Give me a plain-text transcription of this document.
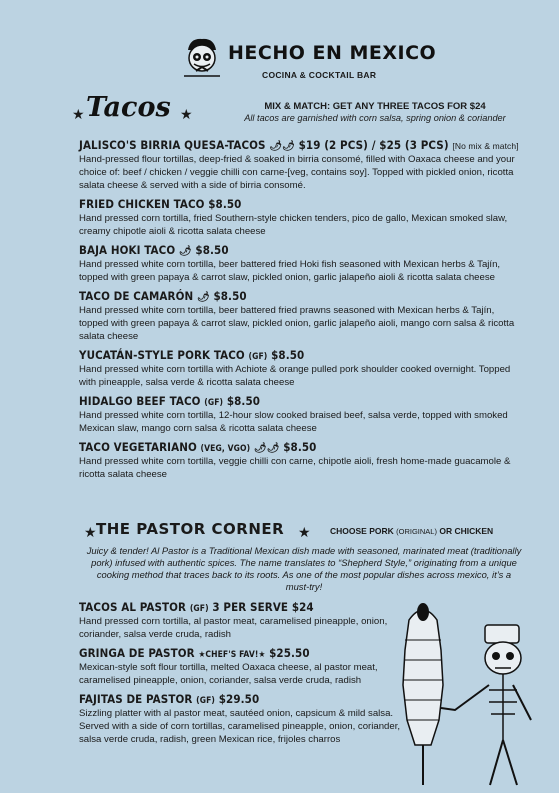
HECHO EN MEXICO
COCINA & COCKTAIL BAR
★ Tacos ★	MIX & MATCH: GET ANY THREE TACOS FOR $24
All tacos are garnished with corn salsa, spring onion & coriander
JALISCO'S BIRRIA QUESA-TACOS 🌶🌶 $19 (2 PCS) / $25 (3 PCS) [No mix & match]
Hand-pressed flour tortillas, deep-fried & soaked in birria consomé, filled with Oaxaca cheese and your choice of: beef / chicken / veggie chilli con carne-[veg, contains soy]. Topped with pickled onion, ricotta salata cheese & served with a side of birria consomé.
FRIED CHICKEN TACO $8.50
Hand pressed corn tortilla, fried Southern-style chicken tenders, pico de gallo, Mexican smoked slaw, creamy chipotle aioli & ricotta salata cheese
BAJA HOKI TACO 🌶 $8.50
Hand pressed white corn tortilla, beer battered fried Hoki fish seasoned with Mexican herbs & Tajín, topped with green papaya & carrot slaw, pickled onion, garlic jalapeño aioli & ricotta salata cheese
TACO DE CAMARÓN 🌶 $8.50
Hand pressed white corn tortilla, beer battered fried prawns seasoned with Mexican herbs & Tajín, topped with green papaya & carrot slaw, pickled onion, garlic jalapeño aioli, mango corn salsa & ricotta salata cheese
YUCATÁN-STYLE PORK TACO (GF) $8.50
Hand pressed white corn tortilla with Achiote & orange pulled pork shoulder cooked overnight. Topped with pineapple, salsa verde & ricotta salata cheese
HIDALGO BEEF TACO (GF) $8.50
Hand pressed white corn tortilla, 12-hour slow cooked braised beef, salsa verde, topped with smoked Mexican slaw, mango corn salsa & ricotta salata cheese
TACO VEGETARIANO (VEG, VGO) 🌶🌶 $8.50
Hand pressed white corn tortilla, veggie chilli con carne, chipotle aioli, fresh home-made guacamole & ricotta salata cheese
★ THE PASTOR CORNER ★ CHOOSE PORK (ORIGINAL) OR CHICKEN
Juicy & tender! Al Pastor is a Traditional Mexican dish made with seasoned, marinated meat (traditionally pork) infused with authentic spices. The name translates to “Shepherd Style,” originating from a unique cooking method that traces back to its roots. As one of the most popular dishes across mexico, it’s a must-try!
TACOS AL PASTOR (GF) 3 PER SERVE $24
Hand pressed corn tortilla, al pastor meat, caramelised pineapple, onion, coriander, salsa verde cruda, radish
GRINGA DE PASTOR ★CHEF'S FAV!★ $25.50
Mexican-style soft flour tortilla, melted Oaxaca cheese, al pastor meat, caramelised pineapple, onion, coriander, salsa verde cruda, radish
FAJITAS DE PASTOR (GF) $29.50
Sizzling platter with al pastor meat, sautéed onion, capsicum & mild salsa. Served with a side of corn tortillas, caramelised pineapple, onion, coriander, salsa verde cruda, radish, green Mexican rice, frijoles charros
